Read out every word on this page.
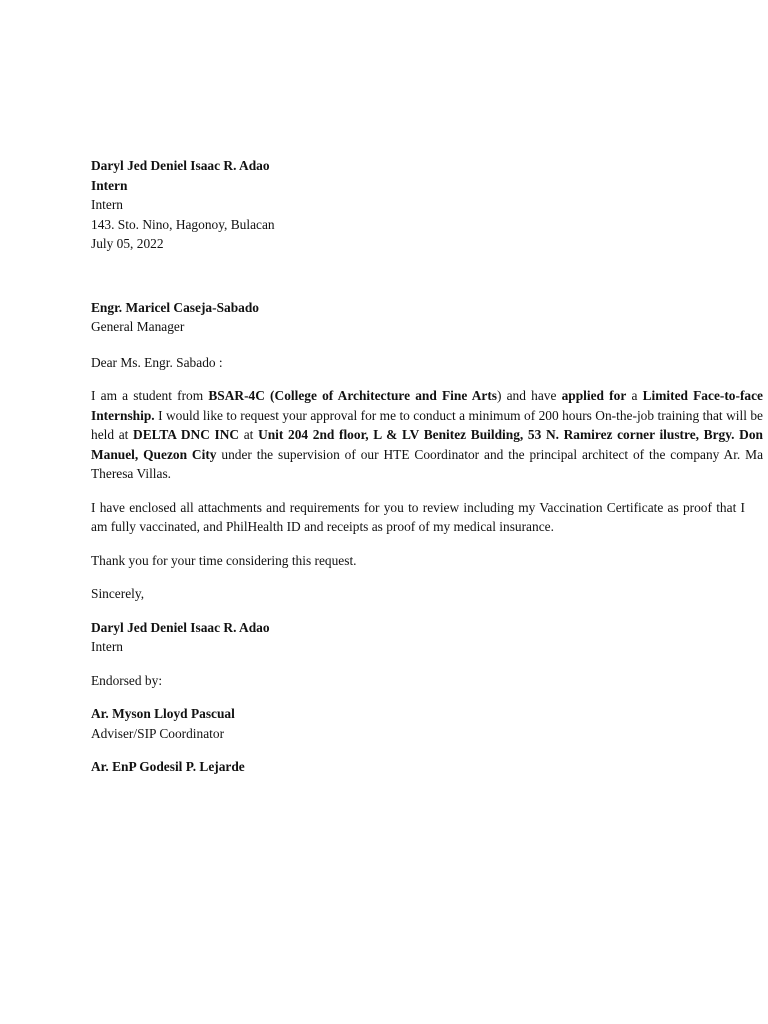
Daryl Jed Deniel Isaac R. Adao
Intern
Intern
143. Sto. Nino, Hagonoy, Bulacan
July 05, 2022
Engr. Maricel Caseja-Sabado
General Manager
Dear Ms. Engr. Sabado :

I am a student from BSAR-4C (College of Architecture and Fine Arts) and have applied for a Limited Face-to-face Internship. I would like to request your approval for me to conduct a minimum of 200 hours On-the-job training that will be held at DELTA DNC INC at Unit 204 2nd floor, L & LV Benitez Building, 53 N. Ramirez corner ilustre, Brgy. Don Manuel, Quezon City under the supervision of our HTE Coordinator and the principal architect of the company Ar. Ma Theresa Villas.

I have enclosed all attachments and requirements for you to review including my Vaccination Certificate as proof that I am fully vaccinated, and PhilHealth ID and receipts as proof of my medical insurance.

Thank you for your time considering this request.
Sincerely,
Daryl Jed Deniel Isaac R. Adao
Intern
Endorsed by:
Ar. Myson Lloyd Pascual
Adviser/SIP Coordinator
Ar. EnP Godesil P. Lejarde
